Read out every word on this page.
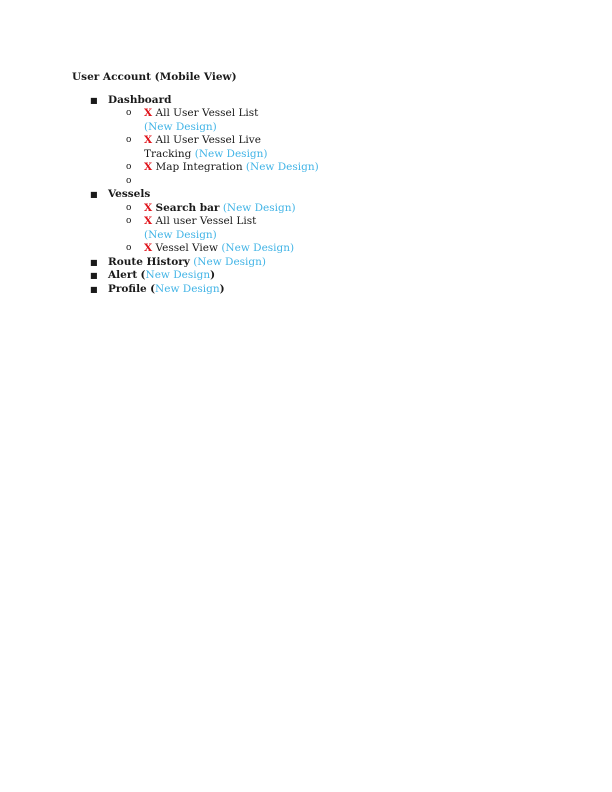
User Account (Mobile View)
■ Dashboard
o X All User Vessel List (New Design)
o X All User Vessel Live Tracking (New Design)
o X Map Integration (New Design)
o

■ Vessels
o X Search bar (New Design)
o X All user Vessel List (New Design)
o X Vessel View (New Design)
■ Route History (New Design)
■ Alert (New Design)
■ Profile (New Design)
